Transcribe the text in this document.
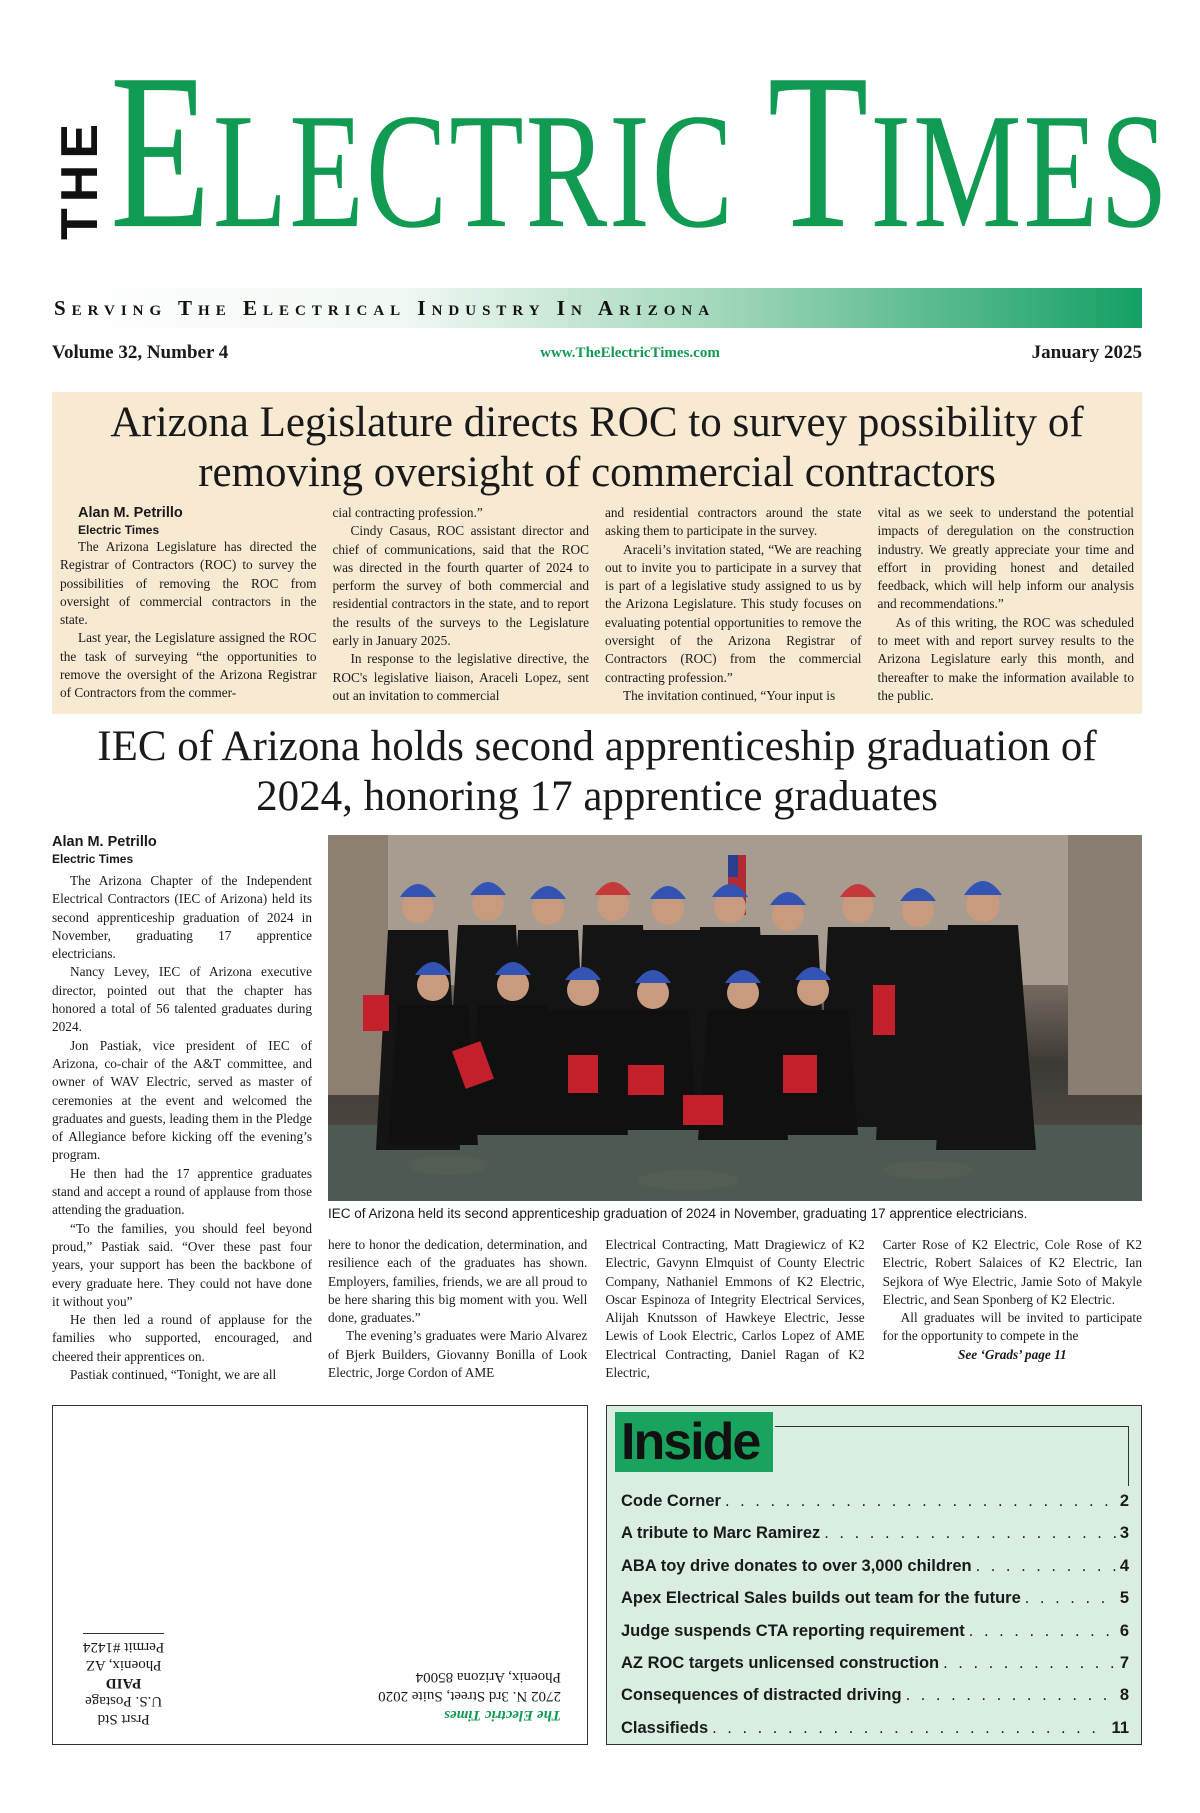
THE ELECTRIC TIMES
Serving The Electrical Industry In Arizona
Volume 32, Number 4	www.TheElectricTimes.com	January 2025
Arizona Legislature directs ROC to survey possibility of removing oversight of commercial contractors

Alan M. Petrillo

Electric Times

The Arizona Legislature has directed the Registrar of Contractors (ROC) to survey the possibilities of removing the ROC from oversight of commercial contractors in the state.

Last year, the Legislature assigned the ROC the task of surveying “the opportunities to remove the oversight of the Arizona Registrar of Contractors from the commer-

cial contracting profession.”

Cindy Casaus, ROC assistant director and chief of communications, said that the ROC was directed in the fourth quarter of 2024 to perform the survey of both commercial and residential contractors in the state, and to report the results of the surveys to the Legislature early in January 2025.

In response to the legislative directive, the ROC's legislative liaison, Araceli Lopez, sent out an invitation to commercial

and residential contractors around the state asking them to participate in the survey.

Araceli’s invitation stated, “We are reaching out to invite you to participate in a survey that is part of a legislative study assigned to us by the Arizona Legislature. This study focuses on evaluating potential opportunities to remove the oversight of the Arizona Registrar of Contractors (ROC) from the commercial contracting profession.”

The invitation continued, “Your input is

vital as we seek to understand the potential impacts of deregulation on the construction industry. We greatly appreciate your time and effort in providing honest and detailed feedback, which will help inform our analysis and recommendations.”

As of this writing, the ROC was scheduled to meet with and report survey results to the Arizona Legislature early this month, and thereafter to make the information available to the public.

IEC of Arizona holds second apprenticeship graduation of 2024, honoring 17 apprentice graduates

Alan M. Petrillo

Electric Times

The Arizona Chapter of the Independent Electrical Contractors (IEC of Arizona) held its second apprenticeship graduation of 2024 in November, graduating 17 apprentice electricians.

Nancy Levey, IEC of Arizona executive director, pointed out that the chapter has honored a total of 56 talented graduates during 2024.

Jon Pastiak, vice president of IEC of Arizona, co-chair of the A&T committee, and owner of WAV Electric, served as master of ceremonies at the event and welcomed the graduates and guests, leading them in the Pledge of Allegiance before kicking off the evening’s program.

He then had the 17 apprentice graduates stand and accept a round of applause from those attending the graduation.

“To the families, you should feel beyond proud,” Pastiak said. “Over these past four years, your support has been the backbone of every graduate here. They could not have done it without you”

He then led a round of applause for the families who supported, encouraged, and cheered their apprentices on.

Pastiak continued, “Tonight, we are all

IEC of Arizona held its second apprenticeship graduation of 2024 in November, graduating 17 apprentice electricians.

here to honor the dedication, determination, and resilience each of the graduates has shown. Employers, families, friends, we are all proud to be here sharing this big moment with you. Well done, graduates.”

The evening’s graduates were Mario Alvarez of Bjerk Builders, Giovanny Bonilla of Look Electric, Jorge Cordon of AME

Electrical Contracting, Matt Dragiewicz of K2 Electric, Gavynn Elmquist of County Electric Company, Nathaniel Emmons of K2 Electric, Oscar Espinoza of Integrity Electrical Services, Alijah Knutsson of Hawkeye Electric, Jesse Lewis of Look Electric, Carlos Lopez of AME Electrical Contracting, Daniel Ragan of K2 Electric,

Carter Rose of K2 Electric, Cole Rose of K2 Electric, Robert Salaices of K2 Electric, Ian Sejkora of Wye Electric, Jamie Soto of Makyle Electric, and Sean Sponberg of K2 Electric.

All graduates will be invited to participate for the opportunity to compete in the

See ‘Grads’ page 11

The Electric Times

2702 N. 3rd Street, Suite 2020

Phoenix, Arizona 85004

Prsrt Std

U.S. Postage

PAID

Phoenix, AZ

Permit #1424

Inside
Code Corner . . .	2
A tribute to Marc Ramirez . . .	3
ABA toy drive donates to over 3,000 children . . .	4
Apex Electrical Sales builds out team for the future . . .	5
Judge suspends CTA reporting requirement . . .	6
AZ ROC targets unlicensed construction . . .	7
Consequences of distracted driving . . .	8
Classifieds . . .	11
